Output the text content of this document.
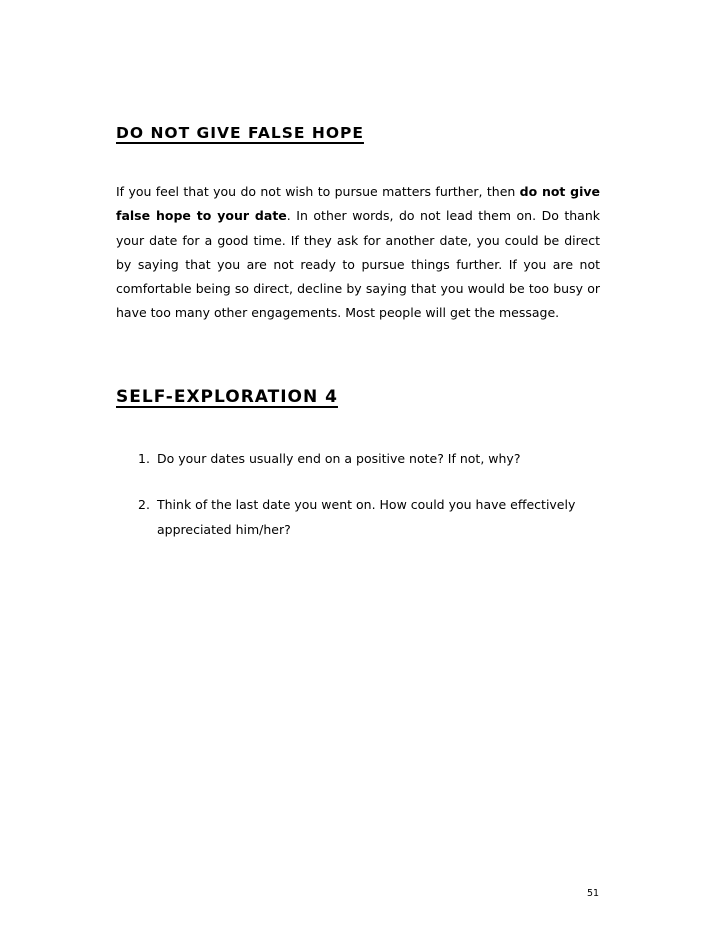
DO NOT GIVE FALSE HOPE

If you feel that you do not wish to pursue matters further, then do not give false hope to your date. In other words, do not lead them on. Do thank your date for a good time. If they ask for another date, you could be direct by saying that you are not ready to pursue things further. If you are not comfortable being so direct, decline by saying that you would be too busy or have too many other engagements. Most people will get the message.

SELF-EXPLORATION 4
1. Do your dates usually end on a positive note? If not, why?
2. Think of the last date you went on. How could you have effectively appreciated him/her?

51
